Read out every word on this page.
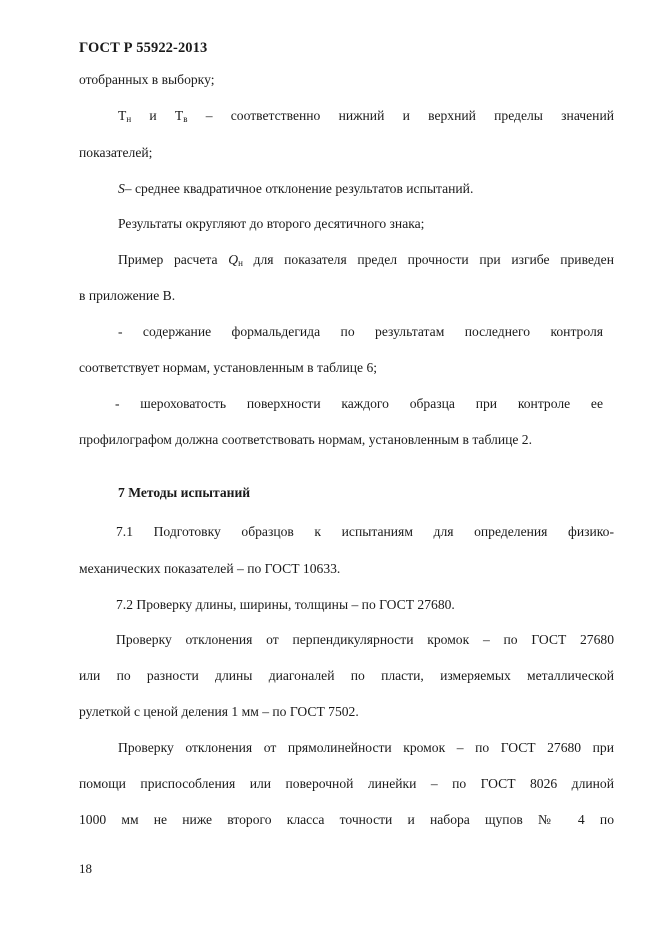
ГОСТ Р 55922-2013
отобранных в выборку;
$Т_н$ и $Т_в$ – соответственно нижний и верхний пределы значений
показателей;
S– среднее квадратичное отклонение результатов испытаний.
Результаты округляют до второго десятичного знака;
Пример расчета $Q_н$ для показателя предел прочности при изгибе приведен
в приложение В.
- содержание формальдегида по результатам последнего контроля
соответствует нормам, установленным в таблице 6;
- шероховатость поверхности каждого образца при контроле ее
профилографом должна соответствовать нормам, установленным в таблице 2.
7 Методы испытаний
7.1 Подготовку образцов к испытаниям для определения физико-
механических показателей – по ГОСТ 10633.
7.2 Проверку длины, ширины, толщины – по ГОСТ 27680.
Проверку отклонения от перпендикулярности кромок – по ГОСТ 27680
или по разности длины диагоналей по пласти, измеряемых металлической
рулеткой с ценой деления 1 мм – по ГОСТ 7502.
Проверку отклонения от прямолинейности кромок – по ГОСТ 27680 при
помощи приспособления или поверочной линейки – по ГОСТ 8026 длиной
1000 мм не ниже второго класса точности и набора щупов № 4 по
18
